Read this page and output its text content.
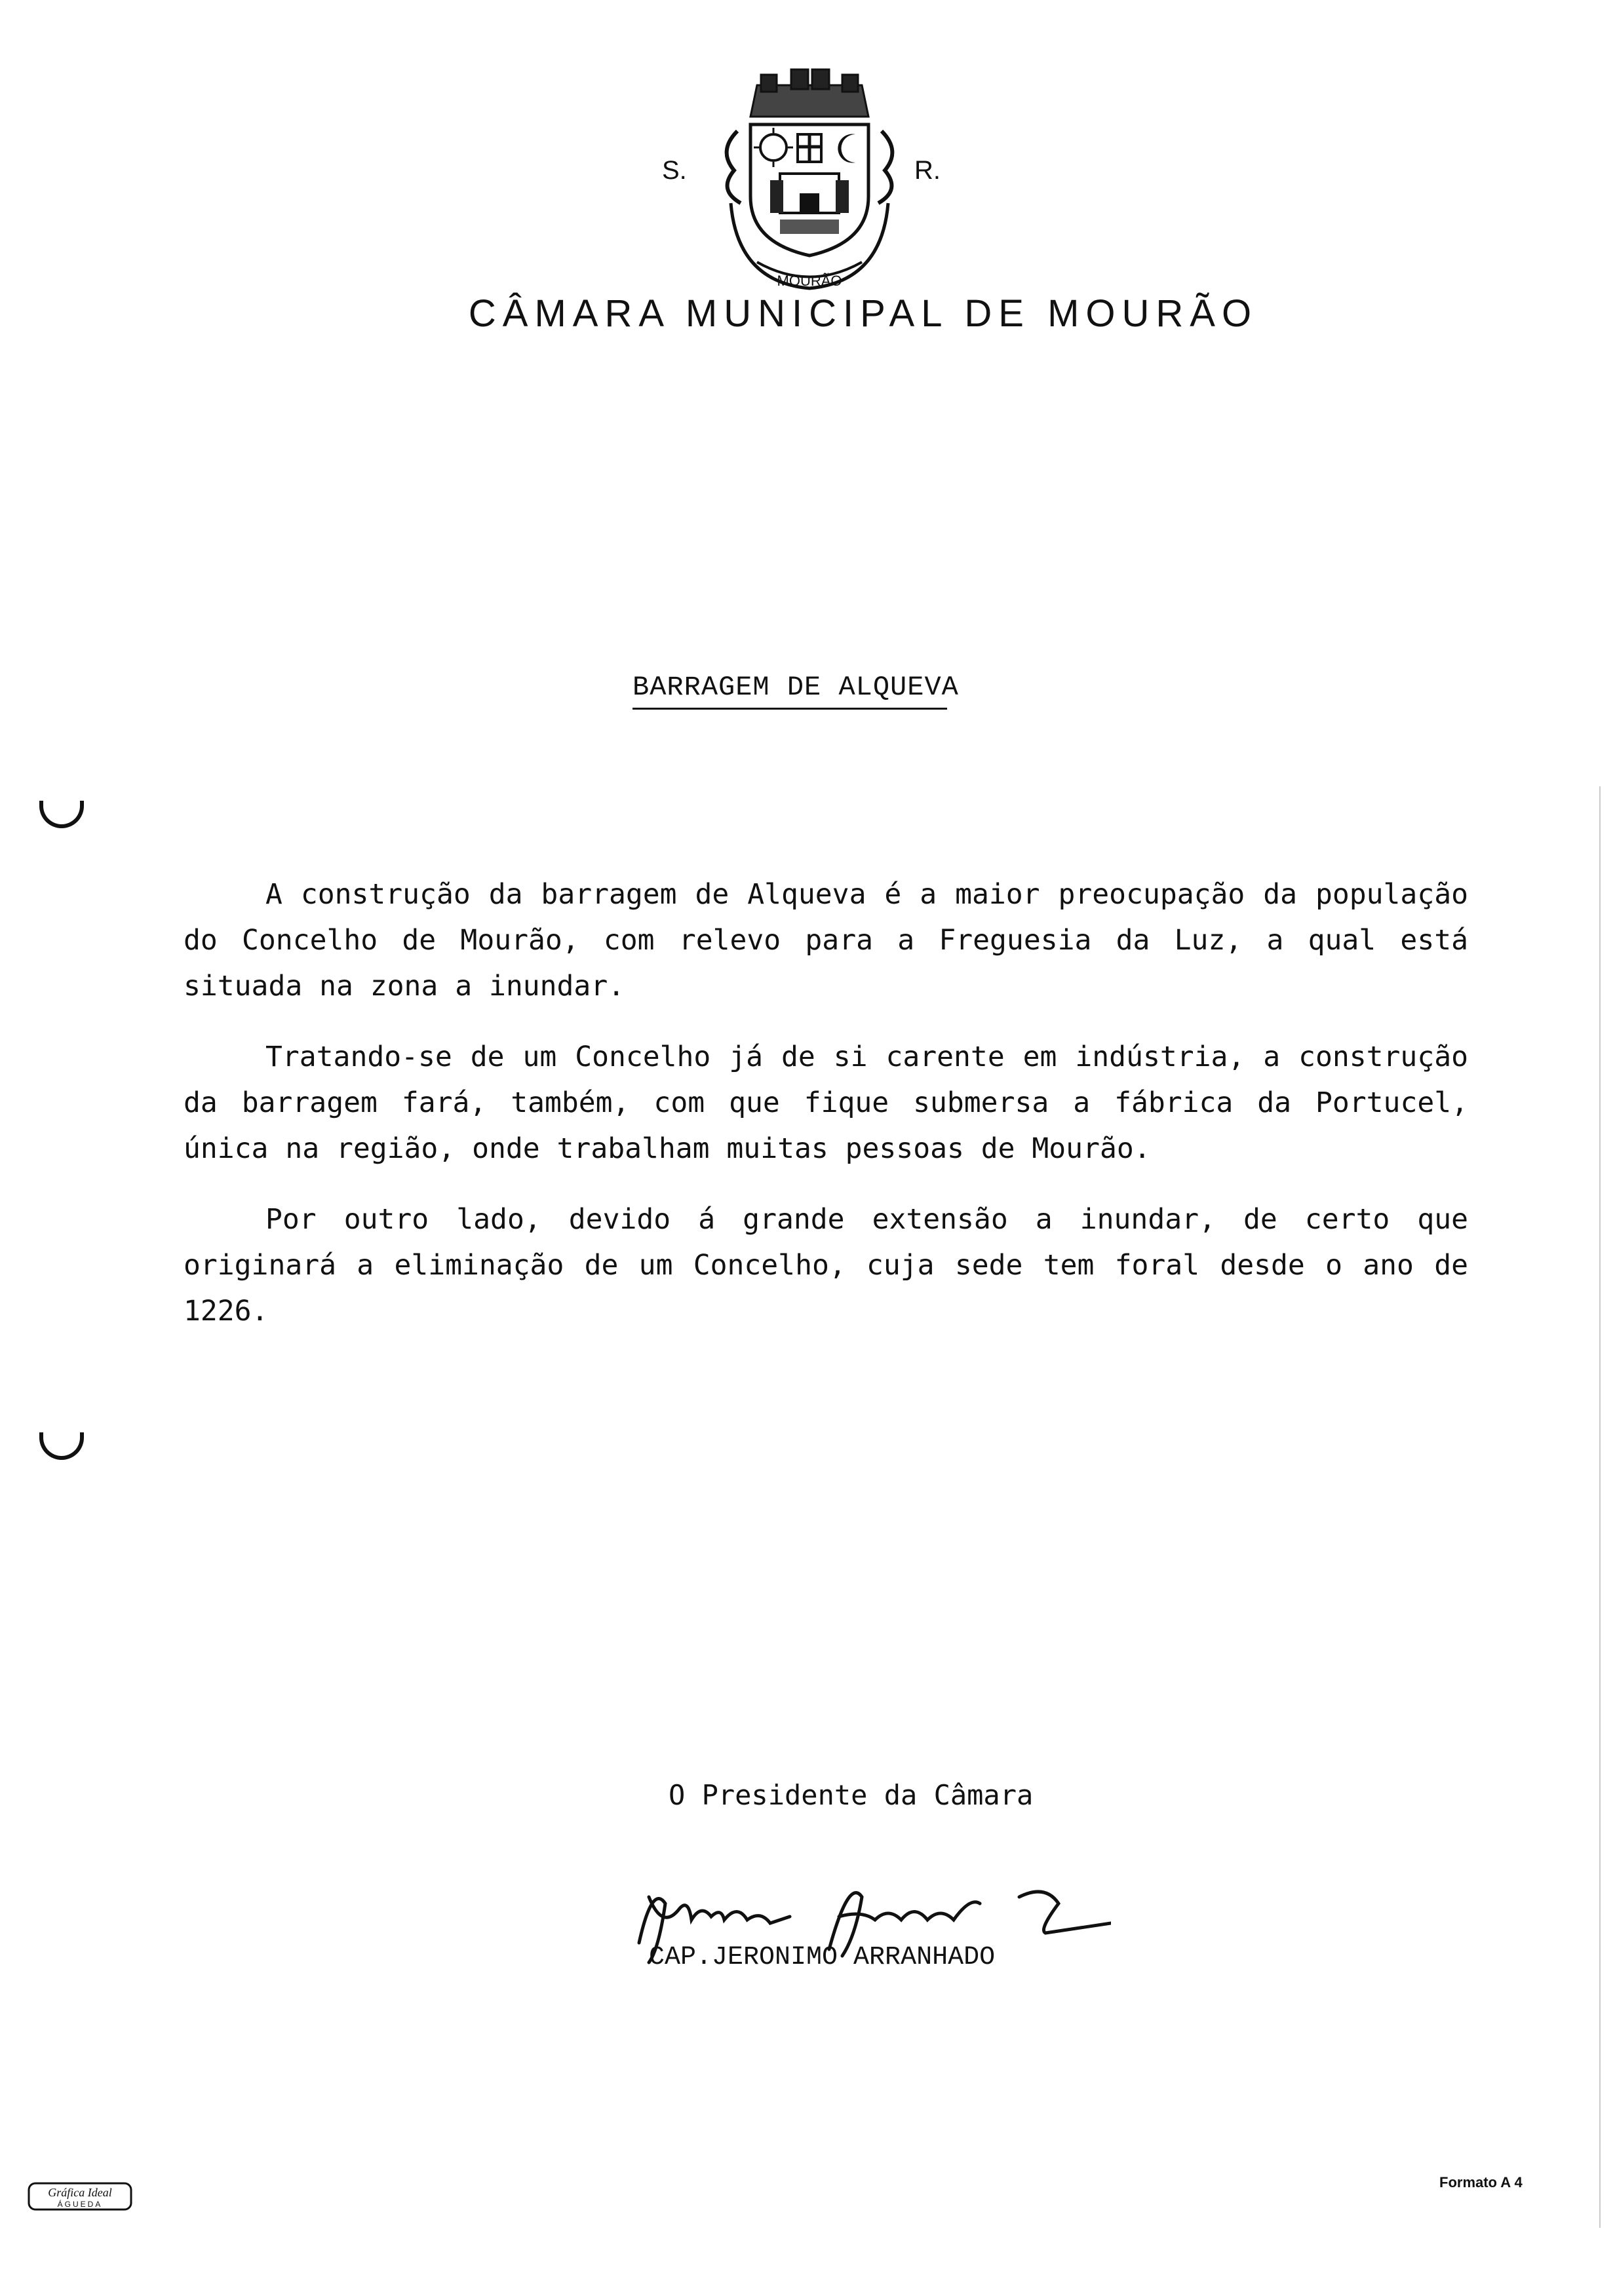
MOURÃO
S.	R.
CÂMARA MUNICIPAL DE MOURÃO
BARRAGEM DE ALQUEVA

A construção da barragem de Alqueva é a maior preocupação da população do Concelho de Mourão, com relevo para a Freguesia da Luz, a qual está situada na zona a inundar.

Tratando-se de um Concelho já de si carente em indústria, a construção da barragem fará, também, com que fique submersa a fábrica da Portucel, única na região, onde trabalham muitas pessoas de Mourão.

Por outro lado, devido á grande extensão a inundar, de certo que originará a eliminação de um Concelho, cuja sede tem foral desde o ano de 1226.

O Presidente da Câmara
CAP.JERONIMO ARRANHADO
Gráfica Ideal
ÁGUEDA
Formato A 4
